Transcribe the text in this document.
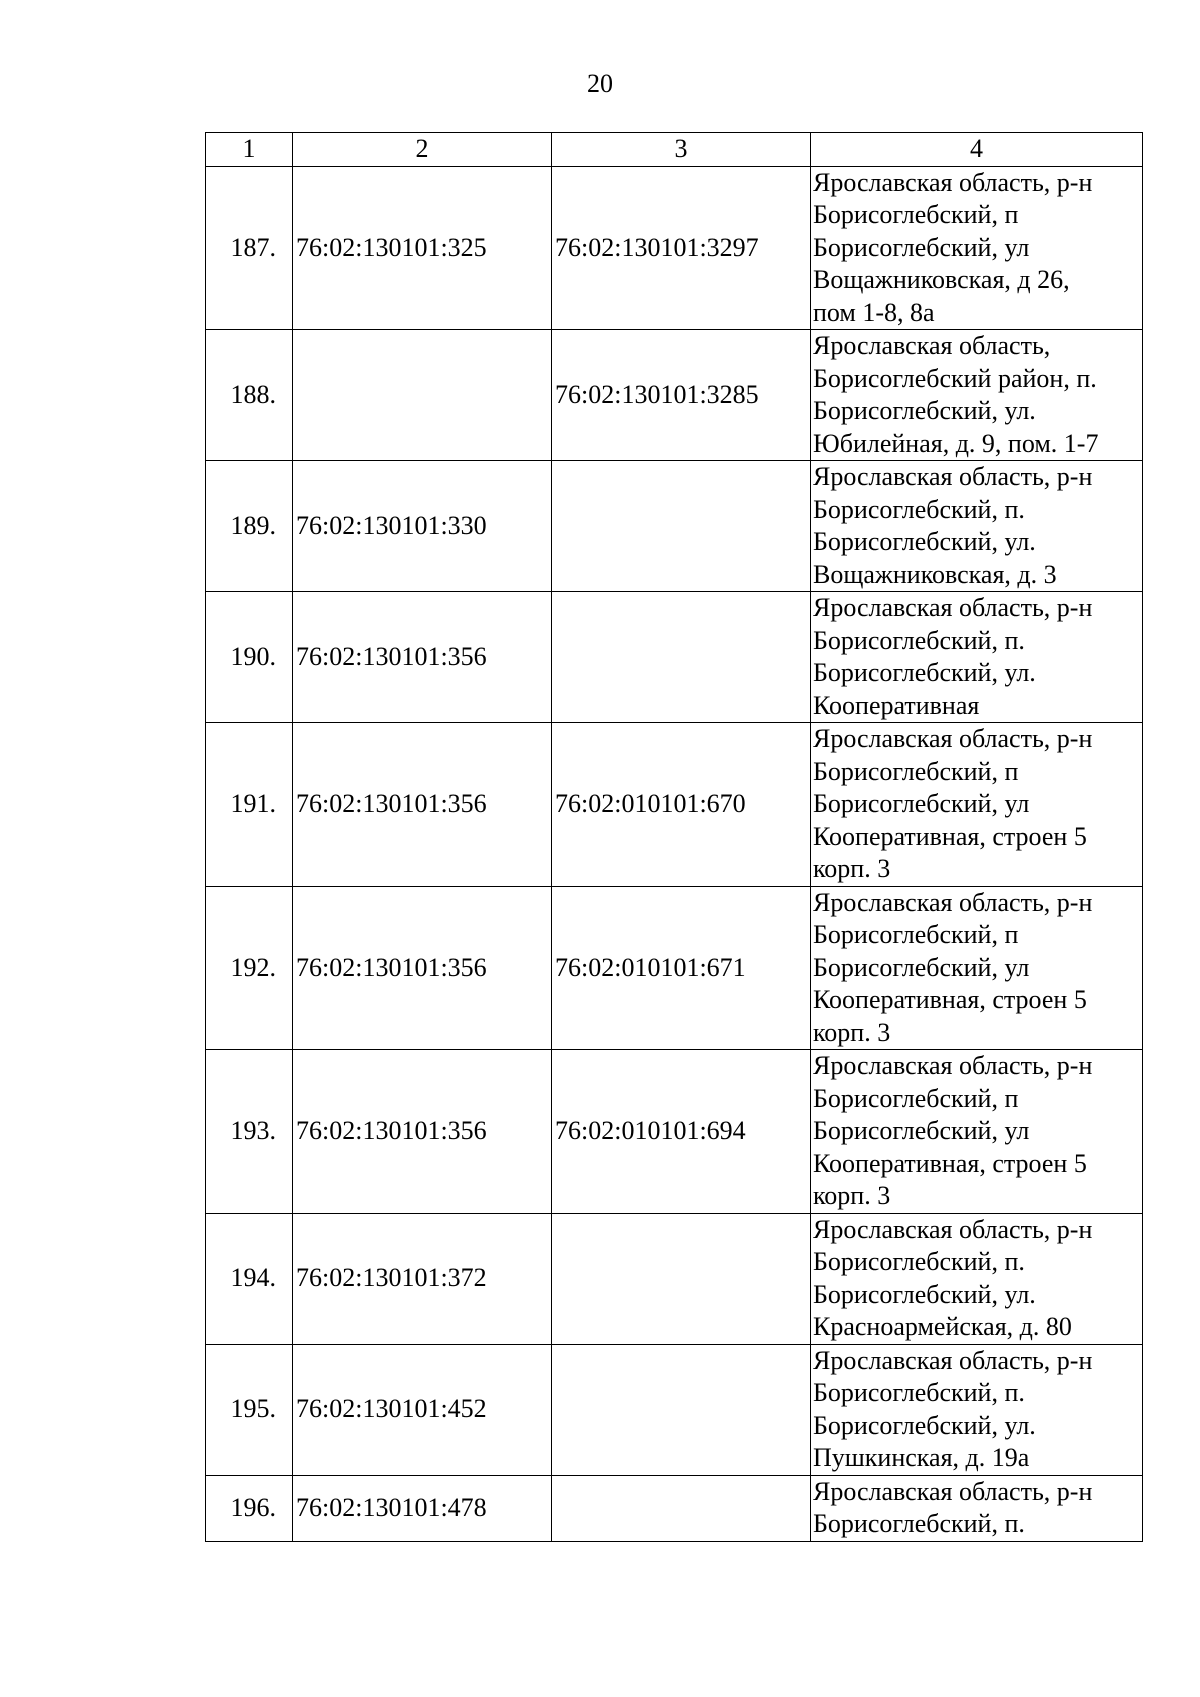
20
1	2	3	4
187.	76:02:130101:325	76:02:130101:3297	Ярославская область, р-н
Борисоглебский, п
Борисоглебский, ул
Вощажниковская, д 26,
пом 1-8, 8а

188.		76:02:130101:3285	Ярославская область,
Борисоглебский район, п.
Борисоглебский, ул.
Юбилейная, д. 9, пом. 1-7

189.	76:02:130101:330		Ярославская область, р-н
Борисоглебский, п.
Борисоглебский, ул.
Вощажниковская, д. 3

190.	76:02:130101:356		Ярославская область, р-н
Борисоглебский, п.
Борисоглебский, ул.
Кооперативная

191.	76:02:130101:356	76:02:010101:670	Ярославская область, р-н
Борисоглебский, п
Борисоглебский, ул
Кооперативная, строен 5
корп. 3

192.	76:02:130101:356	76:02:010101:671	Ярославская область, р-н
Борисоглебский, п
Борисоглебский, ул
Кооперативная, строен 5
корп. 3

193.	76:02:130101:356	76:02:010101:694	Ярославская область, р-н
Борисоглебский, п
Борисоглебский, ул
Кооперативная, строен 5
корп. 3

194.	76:02:130101:372		Ярославская область, р-н
Борисоглебский, п.
Борисоглебский, ул.
Красноармейская, д. 80

195.	76:02:130101:452		Ярославская область, р-н
Борисоглебский, п.
Борисоглебский, ул.
Пушкинская, д. 19а

196.	76:02:130101:478		Ярославская область, р-н
Борисоглебский, п.
